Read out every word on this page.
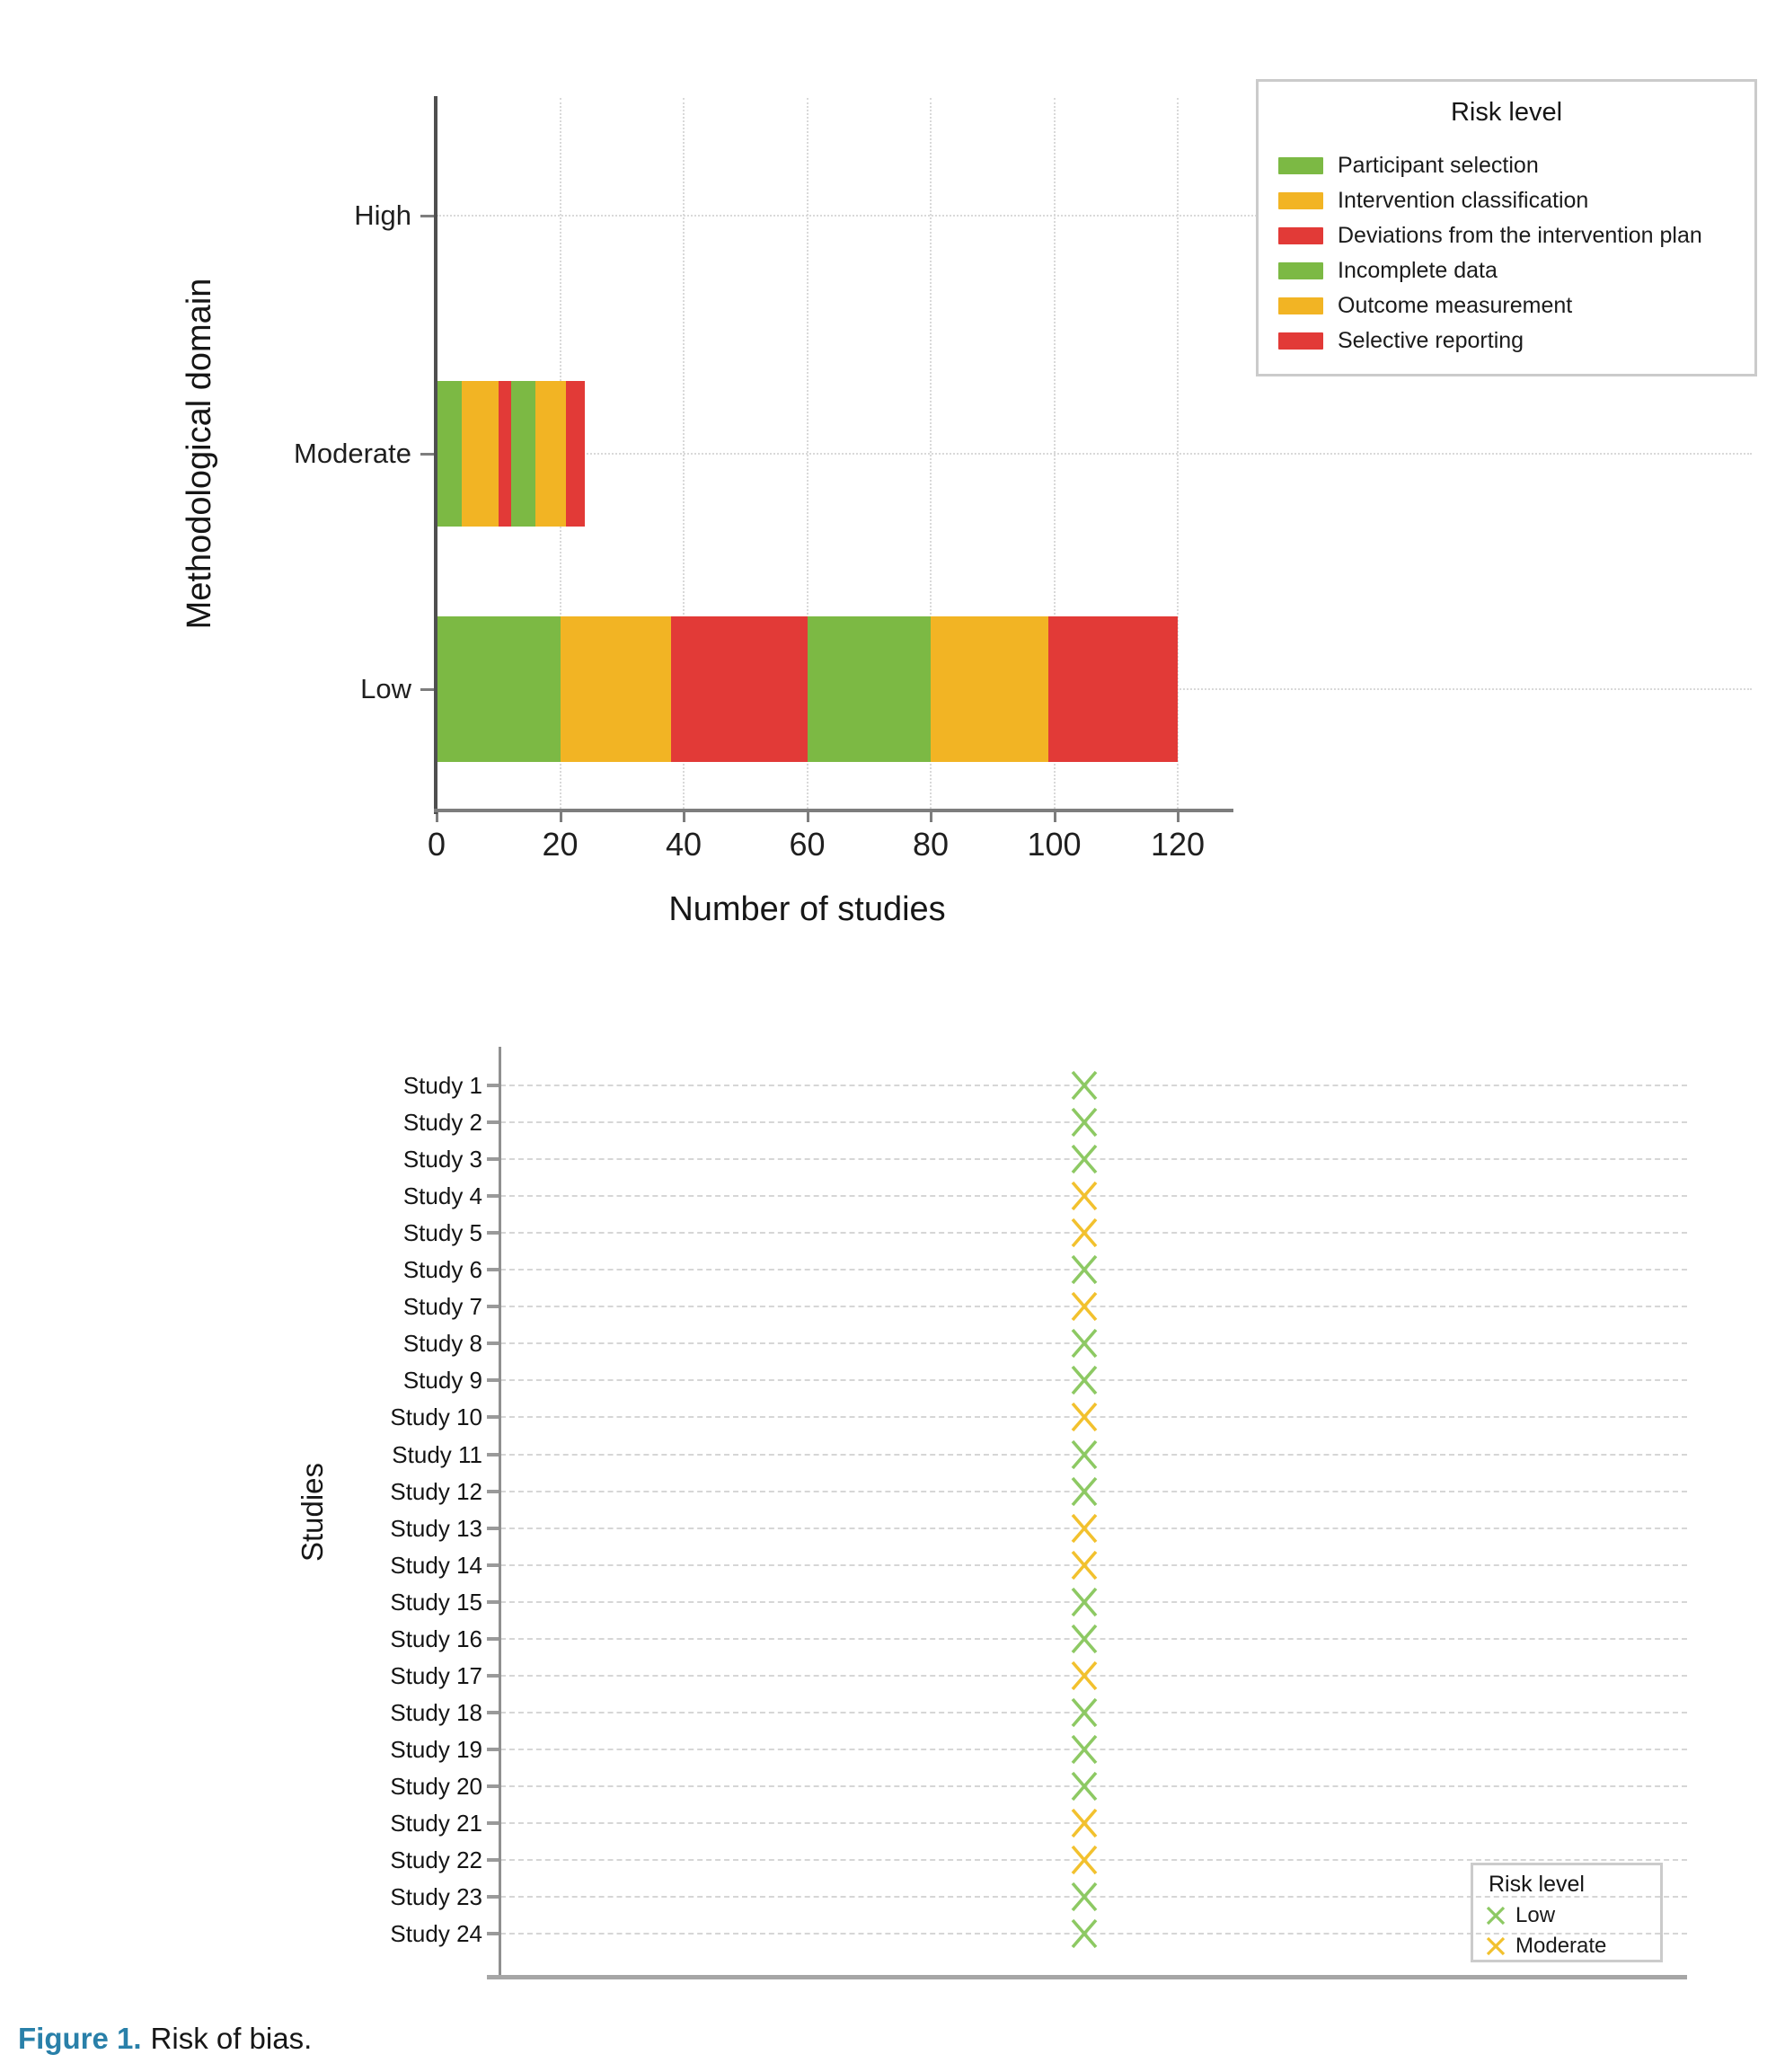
0	20	40	60	80	100	120
High
Moderate
Low
Methodological domain
Number of studies
Risk level
Participant selection
Intervention classification
Deviations from the intervention plan
Incomplete data
Outcome measurement
Selective reporting
Study 1
Study 2
Study 3
Study 4
Study 5
Study 6
Study 7
Study 8
Study 9
Study 10
Study 11
Study 12
Study 13
Study 14
Study 15
Study 16
Study 17
Study 18
Study 19
Study 20
Study 21
Study 22
Study 23
Study 24
Studies
Risk level
Low
Moderate
Figure 1. Risk of bias.
